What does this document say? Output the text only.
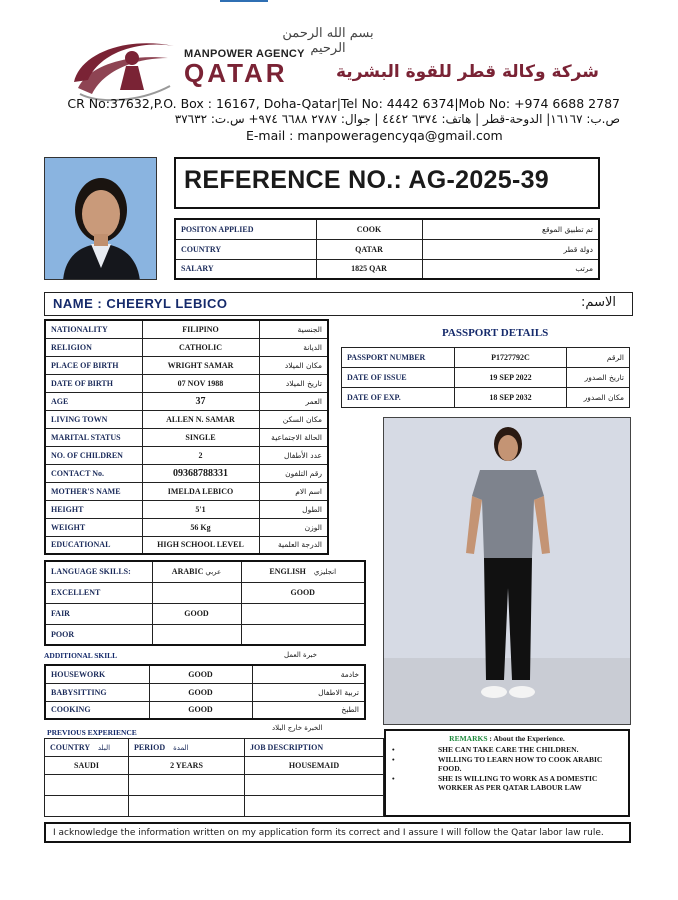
بسم الله الرحمن الرحيم
MANPOWER AGENCY
QATAR	شركة وكالة قطر للقوة البشرية
CR No:37632,P.O. Box : 16167, Doha-Qatar|Tel No: 4442 6374|Mob No: +974 6688 2787
ص.ب: ١٦١٦٧| الدوحة-قطر | هاتف: ٦٣٧٤ ٤٤٤٢ | جوال: ٢٧٨٧ ٦٦٨٨ ٩٧٤+ س.ت: ٣٧٦٣٢
E-mail : manpoweragencyqa@gmail.com
REFERENCE NO.: AG-2025-39
POSITON APPLIED	COOK	تم تطبيق الموقع
COUNTRY	QATAR	دولة قطر
SALARY	1825 QAR	مرتب
NAME : CHEERYL LEBICO	الاسم:
NATIONALITY	FILIPINO	الجنسية
RELIGION	CATHOLIC	الديانة
PLACE OF BIRTH	WRIGHT SAMAR	مكان الميلاد
DATE OF BIRTH	07 NOV 1988	تاريخ الميلاد
AGE	37	العمر
LIVING TOWN	ALLEN N. SAMAR	مكان السكن
MARITAL STATUS	SINGLE	الحالة الاجتماعية
NO. OF CHILDREN	2	عدد الأطفال
CONTACT No.	09368788331	رقم التلفون
MOTHER'S NAME	IMELDA LEBICO	اسم الام
HEIGHT	5'1	الطول
WEIGHT	56 Kg	الوزن
EDUCATIONAL	HIGH SCHOOL LEVEL	الدرجة العلمية
PASSPORT DETAILS
PASSPORT NUMBER	P1727792C	الرقم
DATE OF ISSUE	19 SEP 2022	تاريخ الصدور
DATE OF EXP.	18 SEP 2032	مكان الصدور
LANGUAGE SKILLS:	ARABIC عربي	ENGLISH انجليزي
EXCELLENT		GOOD
FAIR	GOOD	
POOR		
ADDITIONAL SKILL	خبرة العمل
HOUSEWORK	GOOD	خادمة
BABYSITTING	GOOD	تربية الاطفال
COOKING	GOOD	الطبخ
PREVIOUS EXPERIENCE	الخبرة خارج البلاد
COUNTRY البلد	PERIOD المدة	JOB DESCRIPTION
SAUDI	2 YEARS	HOUSEMAID

REMARKS : About the Experience.
• SHE CAN TAKE CARE THE CHILDREN.
• WILLING TO LEARN HOW TO COOK ARABIC FOOD.
• SHE IS WILLING TO WORK AS A DOMESTIC WORKER AS PER QATAR LABOUR LAW
I acknowledge the information written on my application form its correct and I assure I will follow the Qatar labor law rule.
